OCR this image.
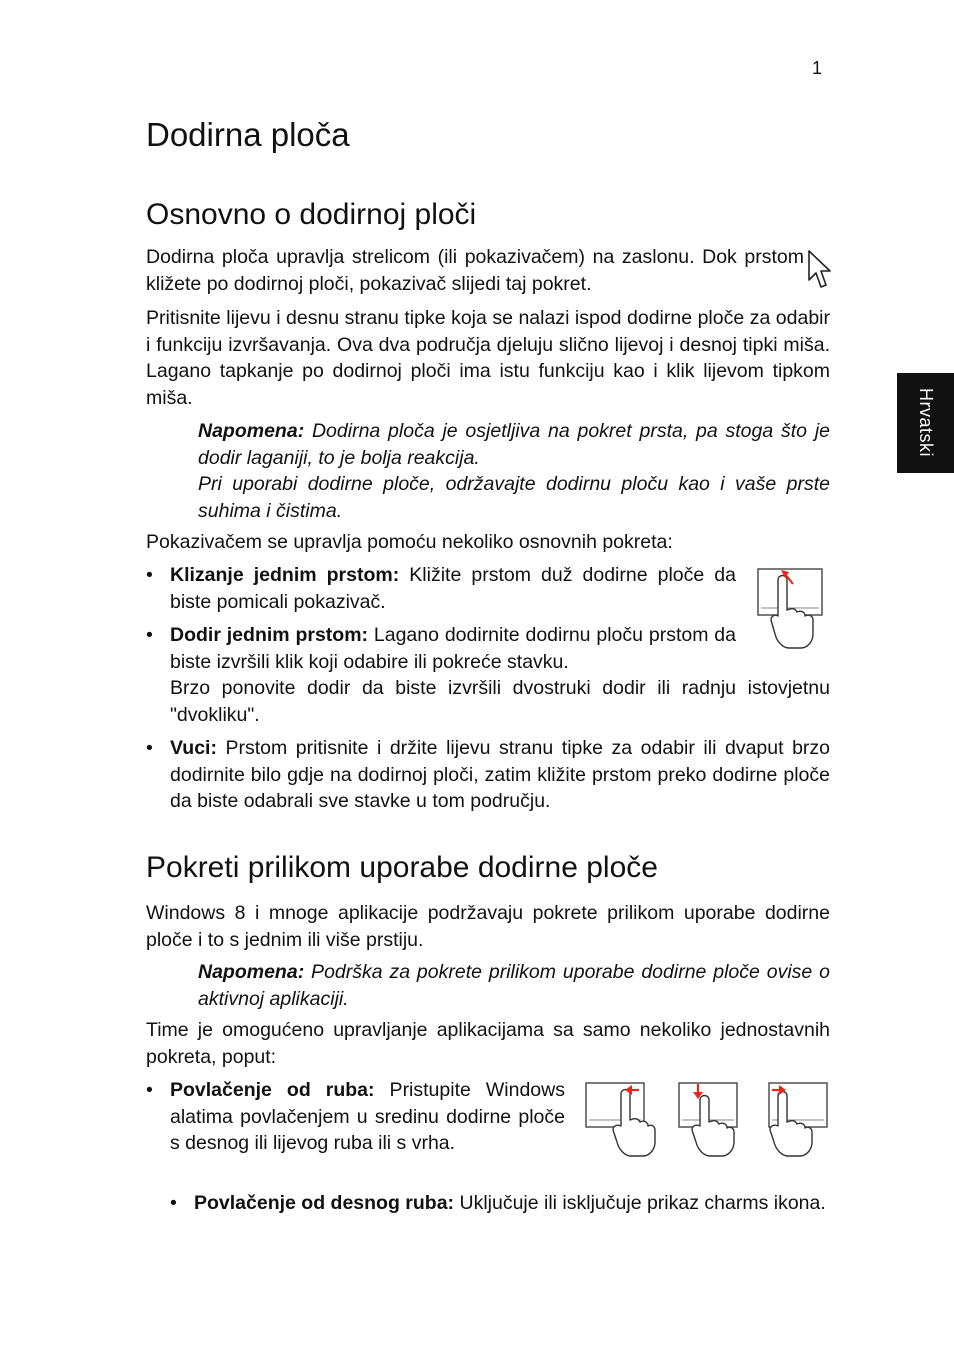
1
Hrvatski
Dodirna ploča
Osnovno o dodirnoj ploči

Dodirna ploča upravlja strelicom (ili pokazivačem) na zaslonu. Dok prstom kližete po dodirnoj ploči, pokazivač slijedi taj pokret.

Pritisnite lijevu i desnu stranu tipke koja se nalazi ispod dodirne ploče za odabir i funkciju izvršavanja. Ova dva područja djeluju slično lijevoj i desnoj tipki miša. Lagano tapkanje po dodirnoj ploči ima istu funkciju kao i klik lijevom tipkom miša.

Napomena: Dodirna ploča je osjetljiva na pokret prsta, pa stoga što je dodir laganiji, to je bolja reakcija.

Pri uporabi dodirne ploče, održavajte dodirnu ploču kao i vaše prste suhima i čistima.

Pokazivačem se upravlja pomoću nekoliko osnovnih pokreta:

• Klizanje jednim prstom: Kližite prstom duž dodirne ploče da biste pomicali pokazivač.

• Dodir jednim prstom: Lagano dodirnite dodirnu ploču prstom da biste izvršili klik koji odabire ili pokreće stavku.

Brzo ponovite dodir da biste izvršili dvostruki dodir ili radnju istovjetnu "dvokliku".

• Vuci: Prstom pritisnite i držite lijevu stranu tipke za odabir ili dvaput brzo dodirnite bilo gdje na dodirnoj ploči, zatim kližite prstom preko dodirne ploče da biste odabrali sve stavke u tom području.

Pokreti prilikom uporabe dodirne ploče

Windows 8 i mnoge aplikacije podržavaju pokrete prilikom uporabe dodirne ploče i to s jednim ili više prstiju.

Napomena: Podrška za pokrete prilikom uporabe dodirne ploče ovise o aktivnoj aplikaciji.

Time je omogućeno upravljanje aplikacijama sa samo nekoliko jednostavnih pokreta, poput:

• Povlačenje od ruba: Pristupite Windows alatima povlačenjem u sredinu dodirne ploče s desnog ili lijevog ruba ili s vrha.

• Povlačenje od desnog ruba: Uključuje ili isključuje prikaz charms ikona.
